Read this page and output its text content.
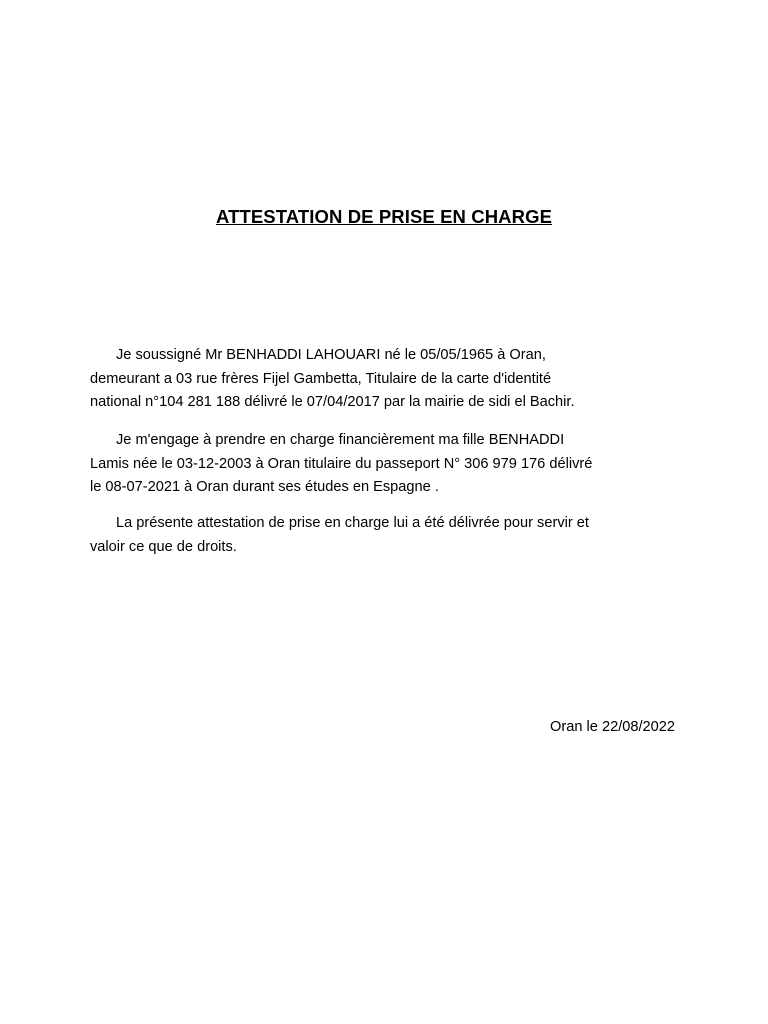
ATTESTATION DE PRISE EN CHARGE
Je soussigné Mr BENHADDI LAHOUARI né le 05/05/1965 à Oran,
demeurant a 03 rue frères Fijel Gambetta, Titulaire de la carte d'identité
national n°104 281 188 délivré le 07/04/2017 par la mairie de sidi el Bachir.
Je m'engage à prendre en charge financièrement ma fille BENHADDI
Lamis née le 03-12-2003 à Oran titulaire du passeport N° 306 979 176 délivré
le 08-07-2021 à Oran durant ses études en Espagne .
La présente attestation de prise en charge lui a été délivrée pour servir et
valoir ce que de droits.
Oran le 22/08/2022
